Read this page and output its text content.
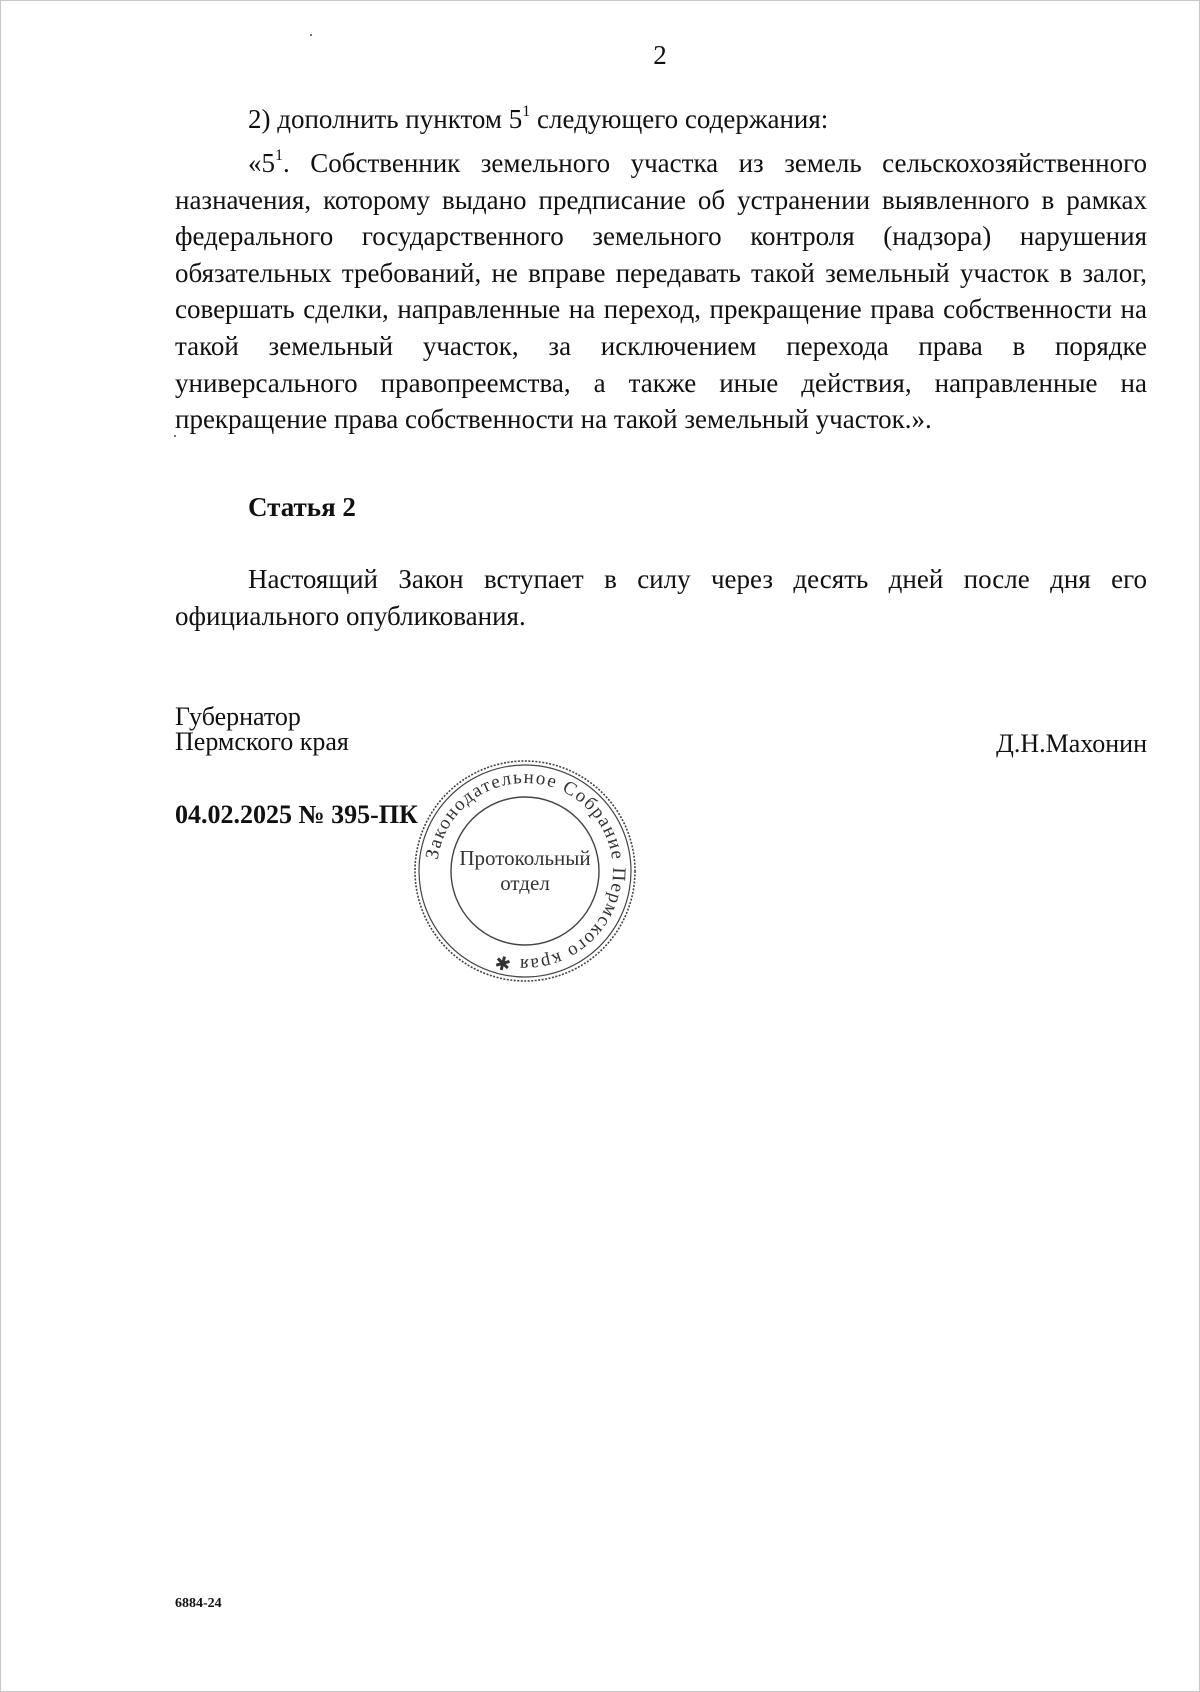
2
2) дополнить пунктом $5^1$ следующего содержания:
«$5^1$. Собственник земельного участка из земель сельскохозяйственного назначения, которому выдано предписание об устранении выявленного в рамках федерального государственного земельного контроля (надзора) нарушения обязательных требований, не вправе передавать такой земельный участок в залог, совершать сделки, направленные на переход, прекращение права собственности на такой земельный участок, за исключением перехода права в порядке универсального правопреемства, а также иные действия, направленные на прекращение права собственности на такой земельный участок.».
Статья 2
Настоящий Закон вступает в силу через десять дней после дня его официального опубликования.
Губернатор
Пермского края	Д.Н.Махонин
04.02.2025 № 395-ПК
Законодательное Собрание Пермского края ✱
Протокольный
отдел
6884-24
